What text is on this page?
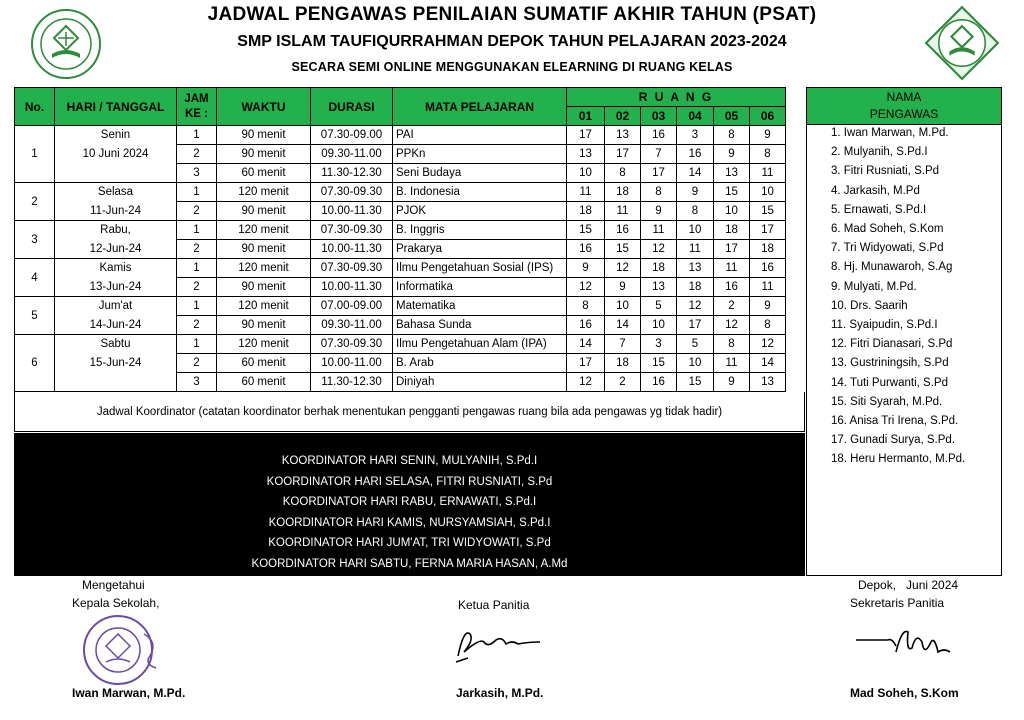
JADWAL PENGAWAS PENILAIAN SUMATIF AKHIR TAHUN (PSAT)
SMP ISLAM TAUFIQURRAHMAN DEPOK TAHUN PELAJARAN 2023-2024
SECARA SEMI ONLINE MENGGUNAKAN ELEARNING DI RUANG KELAS
No.	HARI / TANGGAL	JAM KE :	WAKTU	DURASI	MATA PELAJARAN	R U A N G					
						01	02	03	04	05	06
1	Senin	1	90 menit	07.30-09.00	PAI	17	13	16	3	8	9
	10 Juni 2024	2	90 menit	09.30-11.00	PPKn	13	17	7	16	9	8
		3	60 menit	11.30-12.30	Seni Budaya	10	8	17	14	13	11
2	Selasa	1	120 menit	07.30-09.30	B. Indonesia	11	18	8	9	15	10
	11-Jun-24	2	90 menit	10.00-11.30	PJOK	18	11	9	8	10	15
3	Rabu,	1	120 menit	07.30-09.30	B. Inggris	15	16	11	10	18	17
	12-Jun-24	2	90 menit	10.00-11.30	Prakarya	16	15	12	11	17	18
4	Kamis	1	120 menit	07.30-09.30	Ilmu Pengetahuan Sosial (IPS)	9	12	18	13	11	16
	13-Jun-24	2	90 menit	10.00-11.30	Informatika	12	9	13	18	16	11
5	Jum'at	1	120 menit	07.00-09.00	Matematika	8	10	5	12	2	9
	14-Jun-24	2	90 menit	09.30-11.00	Bahasa Sunda	16	14	10	17	12	8
6	Sabtu	1	120 menit	07.30-09.30	Ilmu Pengetahuan Alam (IPA)	14	7	3	5	8	12
	15-Jun-24	2	60 menit	10.00-11.00	B. Arab	17	18	15	10	11	14
		3	60 menit	11.30-12.30	Diniyah	12	2	16	15	9	13
NAMA PENGAWAS
1. Iwan Marwan, M.Pd.
2. Mulyanih, S.Pd.I
3. Fitri Rusniati, S.Pd
4. Jarkasih, M.Pd
5. Ernawati, S.Pd.I
6. Mad Soheh, S.Kom
7. Tri Widyowati, S.Pd
8. Hj. Munawaroh, S.Ag
9. Mulyati, M.Pd.
10. Drs. Saarih
11. Syaipudin, S.Pd.I
12. Fitri Dianasari, S.Pd
13. Gustriningsih, S.Pd
14. Tuti Purwanti, S.Pd
15. Siti Syarah, M.Pd.
16. Anisa Tri Irena, S.Pd.
17. Gunadi Surya, S.Pd.
18. Heru Hermanto, M.Pd.
Jadwal Koordinator (catatan koordinator berhak menentukan pengganti pengawas ruang bila ada pengawas yg tidak hadir)
KOORDINATOR HARI SENIN, MULYANIH, S.Pd.I
KOORDINATOR HARI SELASA, FITRI RUSNIATI, S.Pd
KOORDINATOR HARI RABU, ERNAWATI, S.Pd.I
KOORDINATOR HARI KAMIS, NURSYAMSIAH, S.Pd.I
KOORDINATOR HARI JUM'AT, TRI WIDYOWATI, S.Pd
KOORDINATOR HARI SABTU, FERNA MARIA HASAN, A.Md
Mengetahui
Kepala Sekolah,	Ketua Panitia
Depok,   Juni 2024
Sekretaris Panitia
Iwan Marwan, M.Pd.	Jarkasih, M.Pd.	Mad Soheh, S.Kom
